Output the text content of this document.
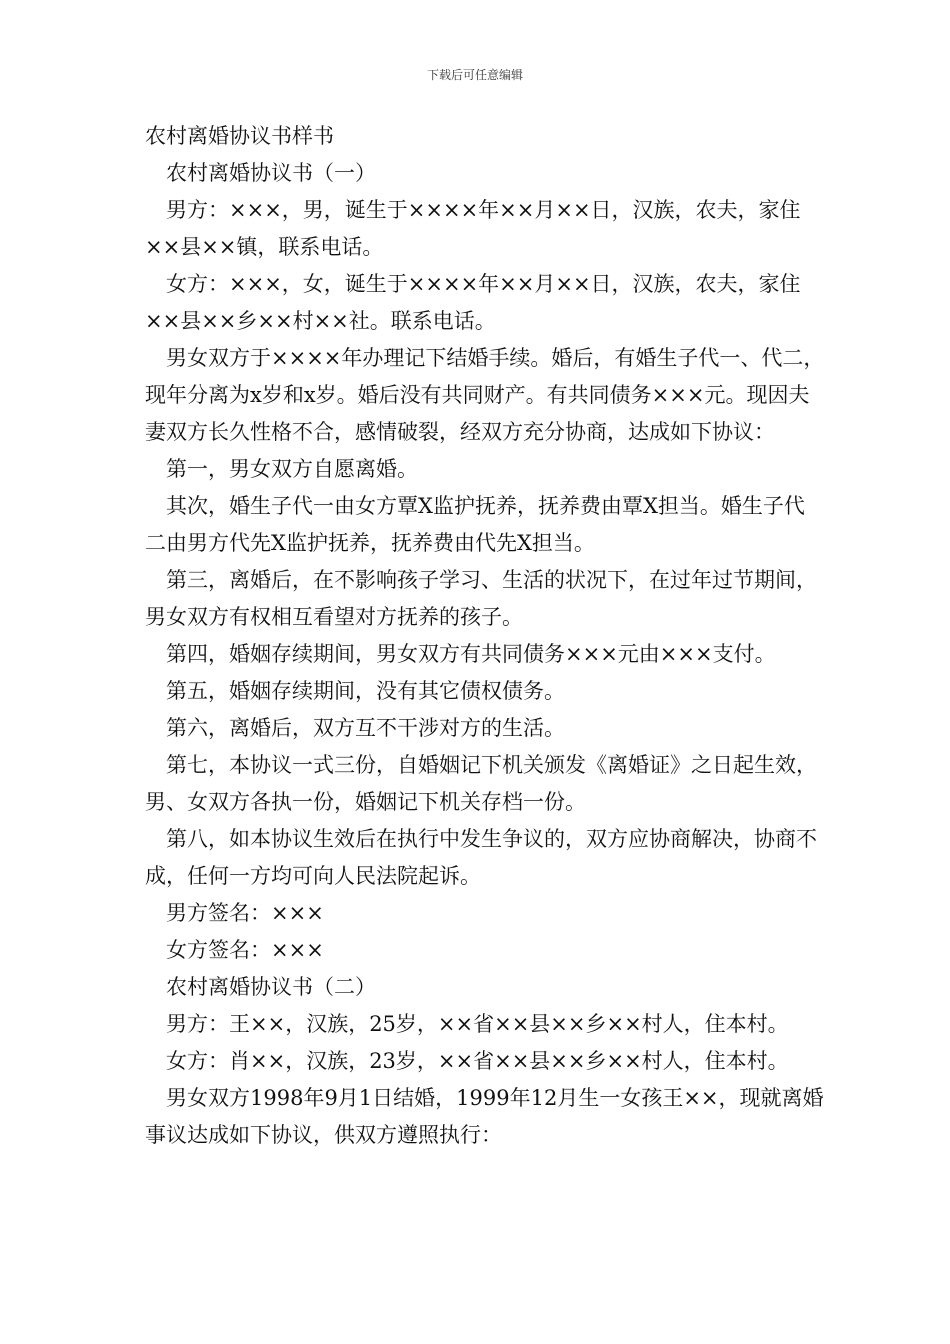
下载后可任意编辑

农村离婚协议书样书

农村离婚协议书（一）

男方：×××，男，诞生于××××年××月××日，汉族，农夫，家住××县××镇，联系电话。

女方：×××，女，诞生于××××年××月××日，汉族，农夫，家住××县××乡××村××社。联系电话。

男女双方于××××年办理记下结婚手续。婚后，有婚生子代一、代二，现年分离为x岁和x岁。婚后没有共同财产。有共同债务×××元。现因夫妻双方长久性格不合，感情破裂，经双方充分协商，达成如下协议：

第一，男女双方自愿离婚。

其次，婚生子代一由女方覃X监护抚养，抚养费由覃X担当。婚生子代二由男方代先X监护抚养，抚养费由代先X担当。

第三，离婚后，在不影响孩子学习、生活的状况下，在过年过节期间，男女双方有权相互看望对方抚养的孩子。

第四，婚姻存续期间，男女双方有共同债务×××元由×××支付。

第五，婚姻存续期间，没有其它债权债务。

第六，离婚后，双方互不干涉对方的生活。

第七，本协议一式三份，自婚姻记下机关颁发《离婚证》之日起生效，男、女双方各执一份，婚姻记下机关存档一份。

第八，如本协议生效后在执行中发生争议的，双方应协商解决，协商不成，任何一方均可向人民法院起诉。

男方签名：×××

女方签名：×××

农村离婚协议书（二）

男方：王××，汉族，25岁，××省××县××乡××村人，住本村。

女方：肖××，汉族，23岁，××省××县××乡××村人，住本村。

男女双方1998年9月1日结婚，1999年12月生一女孩王××，现就离婚事议达成如下协议，供双方遵照执行：
